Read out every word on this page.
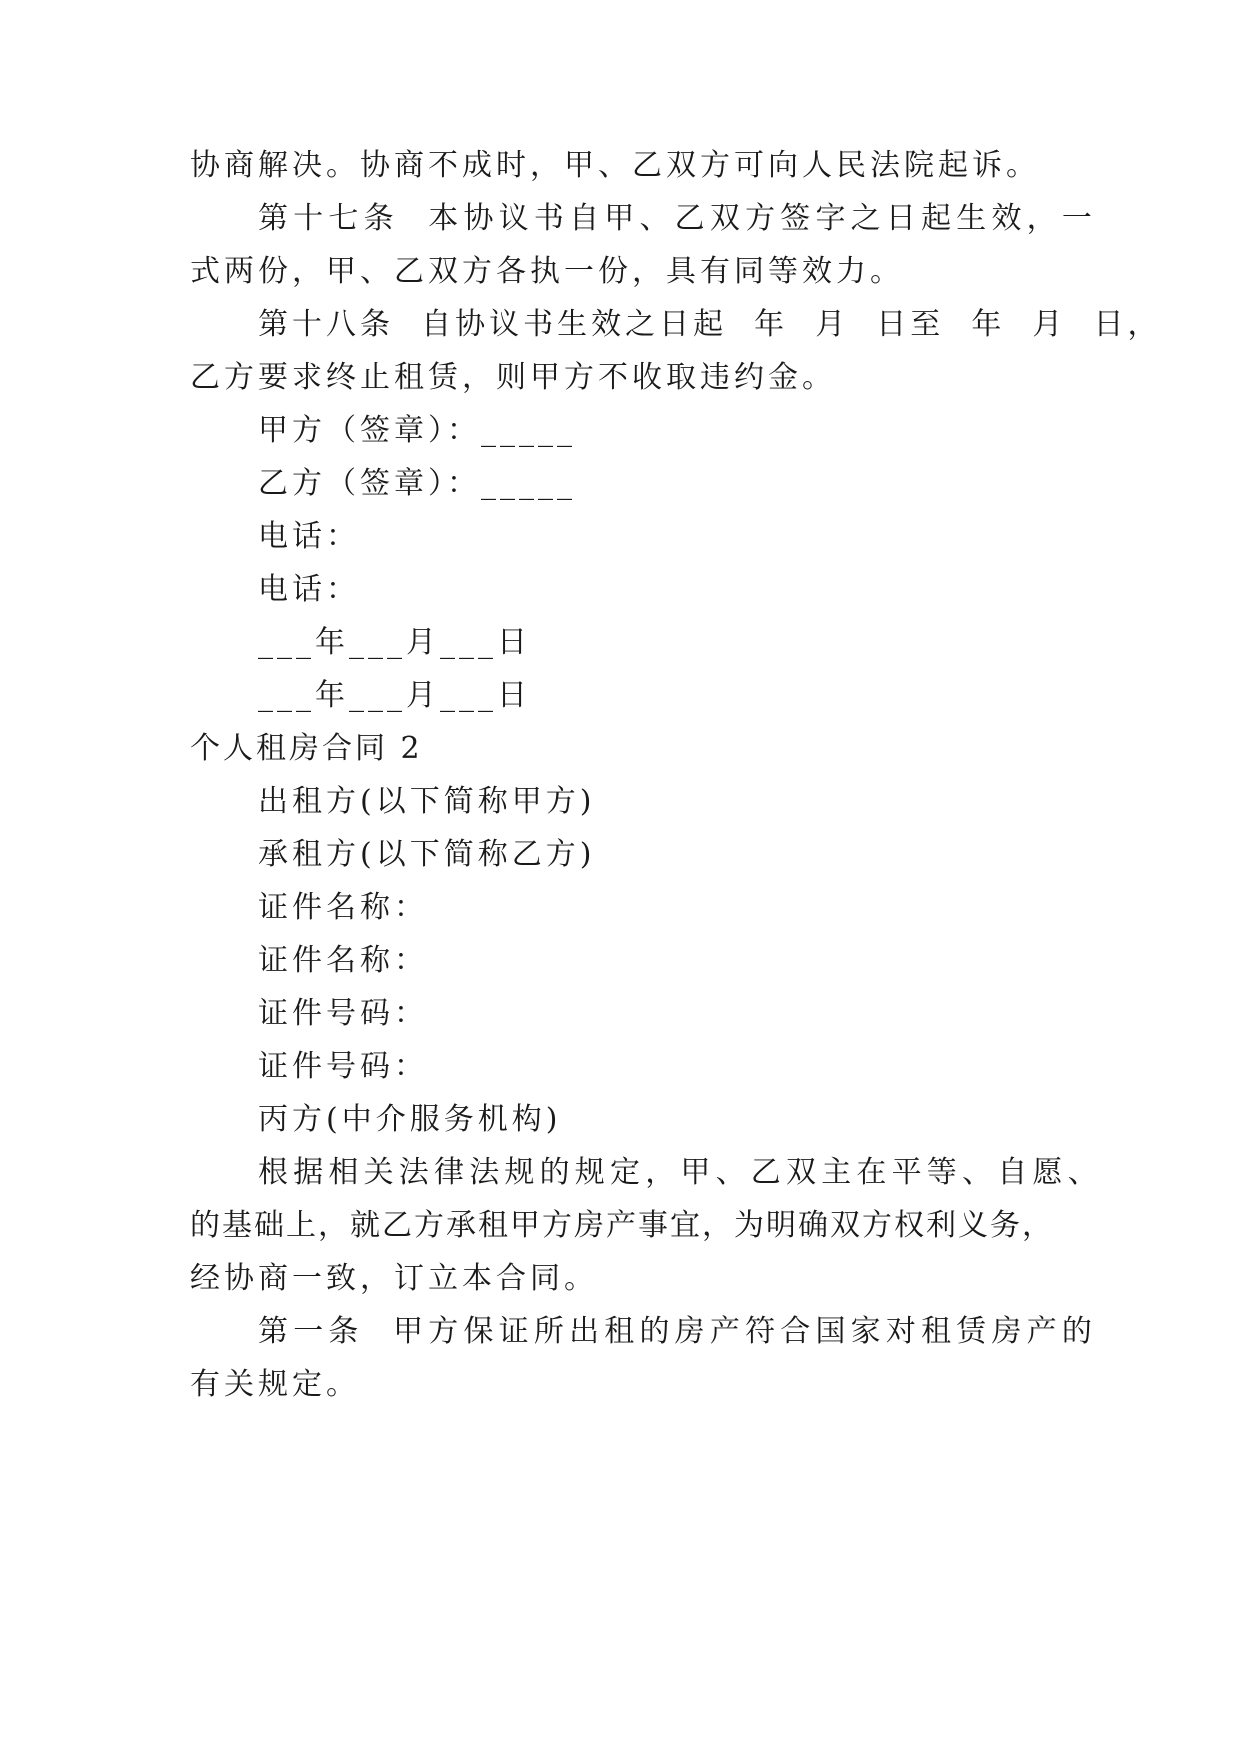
协商解决。协商不成时，甲、乙双方可向人民法院起诉。
第十七条  本协议书自甲、乙双方签字之日起生效，一
式两份，甲、乙双方各执一份，具有同等效力。
第十八条  自协议书生效之日起  年  月  日至  年  月  日，
乙方要求终止租赁，则甲方不收取违约金。
甲方（签章）：_____
乙方（签章）：_____
电话：
电话：
___年___月___日
___年___月___日
个人租房合同 2
出租方(以下简称甲方)
承租方(以下简称乙方)
证件名称：
证件名称：
证件号码：
证件号码：
丙方(中介服务机构)
根据相关法律法规的规定，甲、乙双主在平等、自愿、
的基础上，就乙方承租甲方房产事宜，为明确双方权利义务，
经协商一致，订立本合同。
第一条  甲方保证所出租的房产符合国家对租赁房产的
有关规定。
